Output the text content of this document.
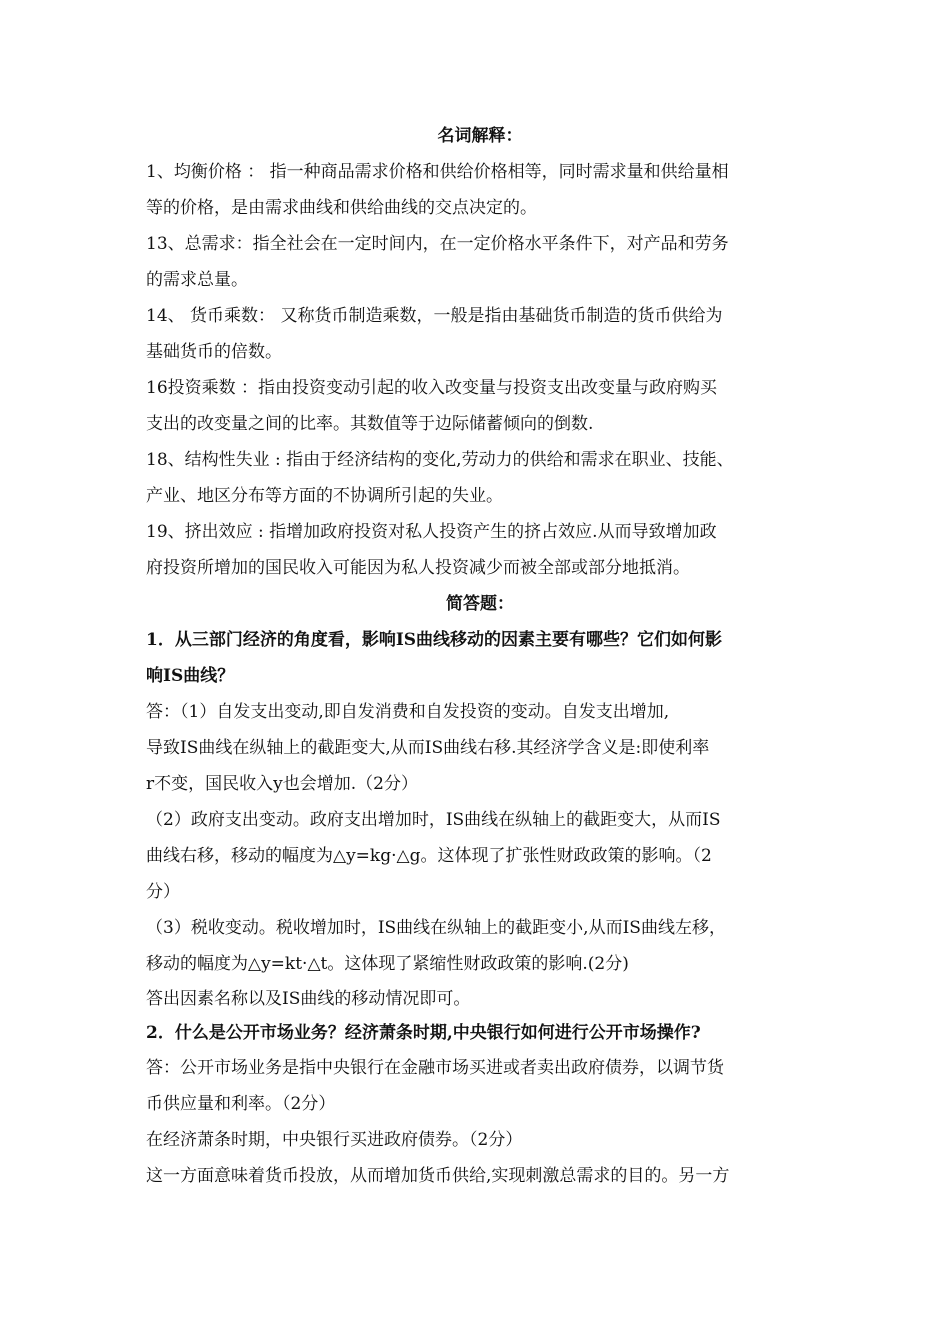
名词解释：
1、均衡价格 ： 指一种商品需求价格和供给价格相等，同时需求量和供给量相
等的价格，是由需求曲线和供给曲线的交点决定的。
13、总需求：指全社会在一定时间内，在一定价格水平条件下，对产品和劳务
的需求总量。
14、 货币乘数： 又称货币制造乘数，一般是指由基础货币制造的货币供给为
基础货币的倍数。
16投资乘数 ：指由投资变动引起的收入改变量与投资支出改变量与政府购买
支出的改变量之间的比率。其数值等于边际储蓄倾向的倒数.
18、结构性失业 : 指由于经济结构的变化,劳动力的供给和需求在职业、技能、
产业、地区分布等方面的不协调所引起的失业。
19、挤出效应 : 指增加政府投资对私人投资产生的挤占效应.从而导致增加政
府投资所增加的国民收入可能因为私人投资减少而被全部或部分地抵消。
简答题：
1．从三部门经济的角度看，影响IS曲线移动的因素主要有哪些？它们如何影
响IS曲线？
答：（1）自发支出变动,即自发消费和自发投资的变动。自发支出增加,
导致IS曲线在纵轴上的截距变大,从而IS曲线右移.其经济学含义是:即使利率
r不变，国民收入y也会增加.（2分）
（2）政府支出变动。政府支出增加时，IS曲线在纵轴上的截距变大，从而IS
曲线右移，移动的幅度为△y=kg·△g。这体现了扩张性财政政策的影响。（2
分）
（3）税收变动。税收增加时，IS曲线在纵轴上的截距变小,从而IS曲线左移，
移动的幅度为△y=kt·△t。这体现了紧缩性财政政策的影响.(2分)
答出因素名称以及IS曲线的移动情况即可。
2．什么是公开市场业务？经济萧条时期,中央银行如何进行公开市场操作?
答：公开市场业务是指中央银行在金融市场买进或者卖出政府债券，以调节货
币供应量和利率。（2分）
在经济萧条时期，中央银行买进政府债券。（2分）
这一方面意味着货币投放，从而增加货币供给,实现刺激总需求的目的。另一方
